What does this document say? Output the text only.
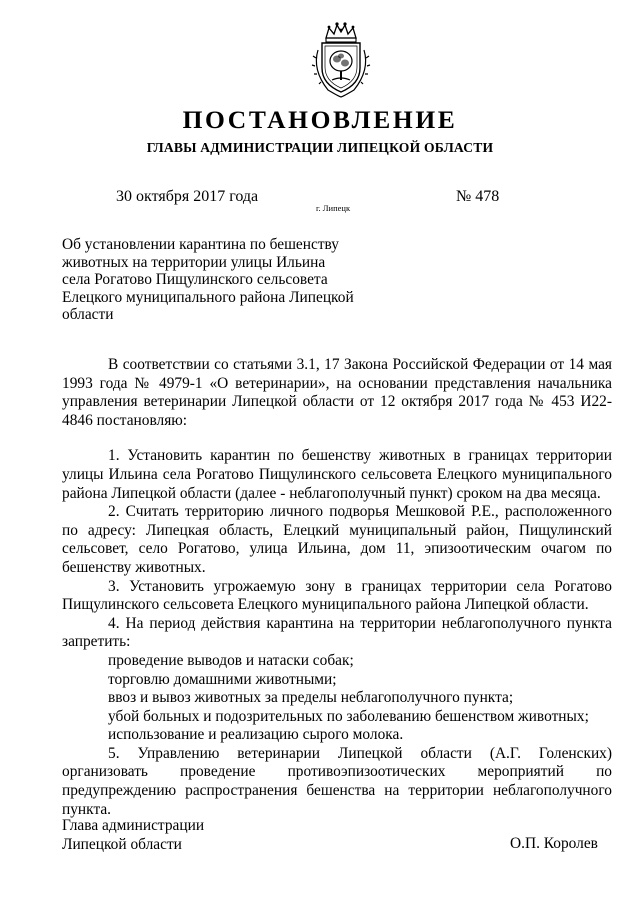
ПОСТАНОВЛЕНИЕ
ГЛАВЫ АДМИНИСТРАЦИИ ЛИПЕЦКОЙ ОБЛАСТИ
30 октября 2017 года
г. Липецк
№ 478
Об установлении карантина по бешенству
животных на территории улицы Ильина
села Рогатово Пищулинского сельсовета
Елецкого муниципального района Липецкой
области

В соответствии со статьями 3.1, 17 Закона Российской Федерации от 14 мая 1993 года № 4979-1 «О ветеринарии», на основании представления начальника управления ветеринарии Липецкой области от 12 октября 2017 года № 453 И22-4846 постановляю:

1. Установить карантин по бешенству животных в границах территории улицы Ильина села Рогатово Пищулинского сельсовета Елецкого муниципального района Липецкой области (далее - неблагополучный пункт) сроком на два месяца.

2. Считать территорию личного подворья Мешковой Р.Е., расположенного по адресу: Липецкая область, Елецкий муниципальный район, Пищулинский сельсовет, село Рогатово, улица Ильина, дом 11, эпизоотическим очагом по бешенству животных.

3. Установить угрожаемую зону в границах территории села Рогатово Пищулинского сельсовета Елецкого муниципального района Липецкой области.

4. На период действия карантина на территории неблагополучного пункта запретить:

проведение выводов и натаски собак;

торговлю домашними животными;

ввоз и вывоз животных за пределы неблагополучного пункта;

убой больных и подозрительных по заболеванию бешенством животных;

использование и реализацию сырого молока.

5. Управлению ветеринарии Липецкой области (А.Г. Голенских) организовать проведение противоэпизоотических мероприятий по предупреждению распространения бешенства на территории неблагополучного пункта.

Глава администрации
Липецкой области	О.П. Королев
